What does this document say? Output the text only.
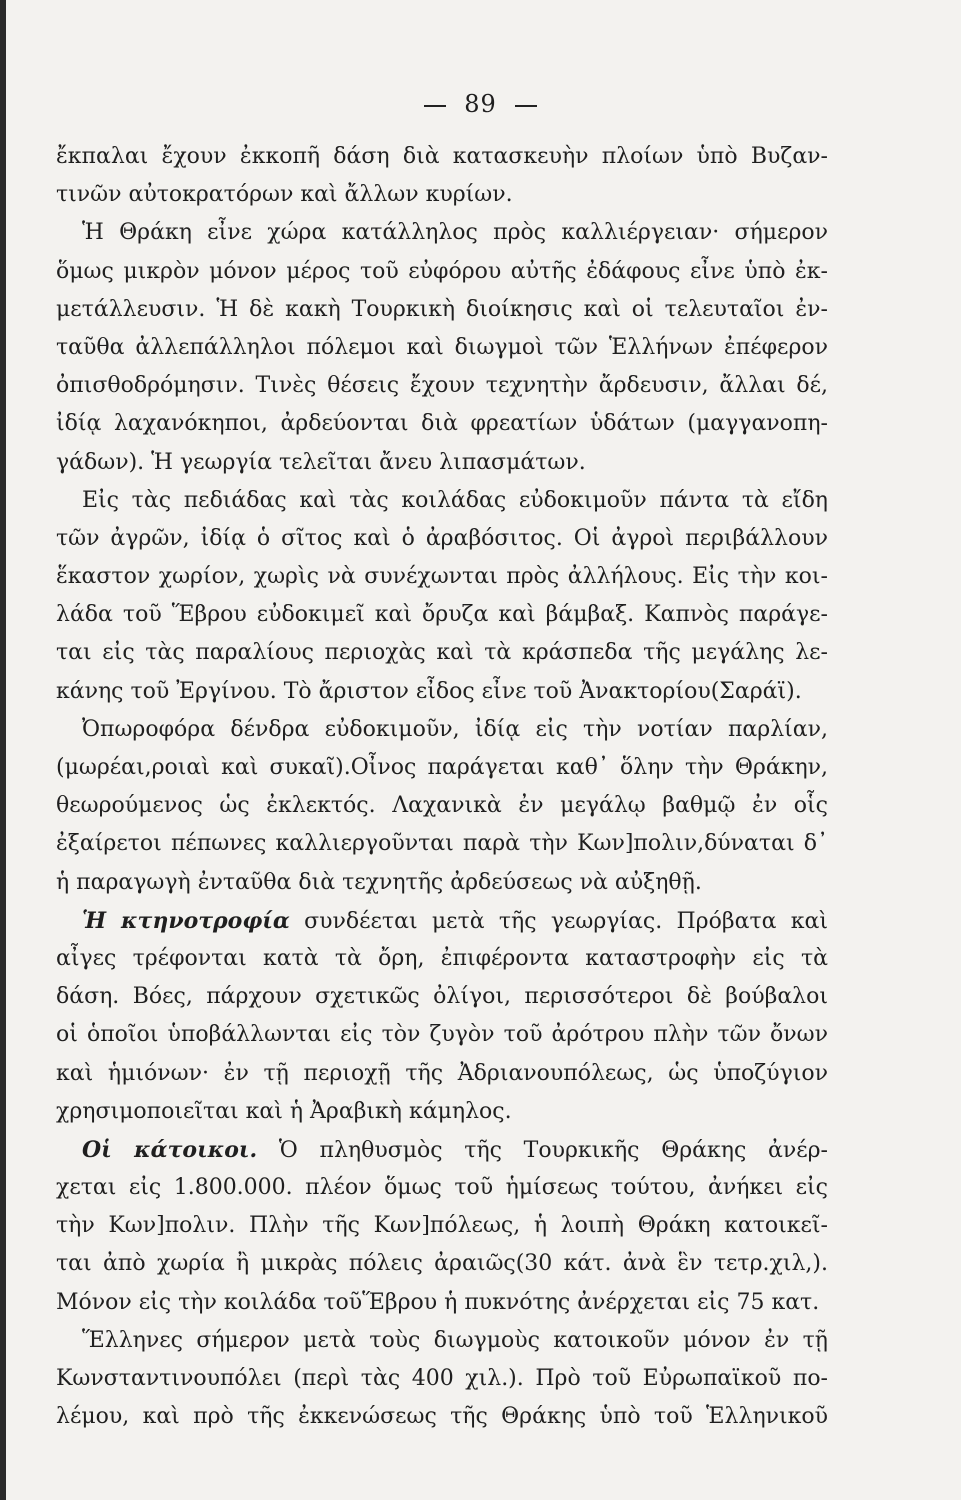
89
ἔκπαλαι ἔχουν ἐκκοπῆ δάση διὰ κατασκευὴν πλοίων ὑπὸ Βυζαν-
τινῶν αὐτοκρατόρων καὶ ἄλλων κυρίων.
Ἡ Θράκη εἶνε χώρα κατάλληλος πρὸς καλλιέργειαν· σήμερον
ὅμως μικρὸν μόνον μέρος τοῦ εὐφόρου αὐτῆς ἐδάφους εἶνε ὑπὸ ἐκ-
μετάλλευσιν. Ἡ δὲ κακὴ Τουρκικὴ διοίκησις καὶ οἱ τελευταῖοι ἐν-
ταῦθα ἀλλεπάλληλοι πόλεμοι καὶ διωγμοὶ τῶν Ἑλλήνων ἐπέφερον
ὀπισθοδρόμησιν. Τινὲς θέσεις ἔχουν τεχνητὴν ἄρδευσιν, ἄλλαι δέ,
ἰδίᾳ λαχανόκηποι, ἀρδεύονται διὰ φρεατίων ὑδάτων (μαγγανοπη-
γάδων). Ἡ γεωργία τελεῖται ἄνευ λιπασμάτων.
Εἰς τὰς πεδιάδας καὶ τὰς κοιλάδας εὐδοκιμοῦν πάντα τὰ εἴδη
τῶν ἀγρῶν, ἰδίᾳ ὁ σῖτος καὶ ὁ ἀραβόσιτος. Οἱ ἀγροὶ περιβάλλουν
ἕκαστον χωρίον, χωρὶς νὰ συνέχωνται πρὸς ἀλλήλους. Εἰς τὴν κοι-
λάδα τοῦ Ἕβρου εὐδοκιμεῖ καὶ ὄρυζα καὶ βάμβαξ. Καπνὸς παράγε-
ται εἰς τὰς παραλίους περιοχὰς καὶ τὰ κράσπεδα τῆς μεγάλης λε-
κάνης τοῦ Ἐργίνου. Τὸ ἄριστον εἶδος εἶνε τοῦ Ἀνακτορίου(Σαράϊ).
Ὀπωροφόρα δένδρα εὐδοκιμοῦν, ἰδίᾳ εἰς τὴν νοτίαν παρλίαν,
(μωρέαι,ροιαὶ καὶ συκαῖ).Οἶνος παράγεται καθ᾽ ὅλην τὴν Θράκην,
θεωρούμενος ὡς ἐκλεκτός. Λαχανικὰ ἐν μεγάλῳ βαθμῷ ἐν οἷς
ἐξαίρετοι πέπωνες καλλιεργοῦνται παρὰ τὴν Κων]πολιν,δύναται δ᾽
ἡ παραγωγὴ ἐνταῦθα διὰ τεχνητῆς ἀρδεύσεως νὰ αὐξηθῇ.
Ἡ κτηνοτροφία συνδέεται μετὰ τῆς γεωργίας. Πρόβατα καὶ
αἶγες τρέφονται κατὰ τὰ ὄρη, ἐπιφέροντα καταστροφὴν εἰς τὰ
δάση. Βόες, πάρχουν σχετικῶς ὀλίγοι, περισσότεροι δὲ βούβαλοι
οἱ ὁποῖοι ὑποβάλλωνται εἰς τὸν ζυγὸν τοῦ ἀρότρου πλὴν τῶν ὄνων
καὶ ἡμιόνων· ἐν τῇ περιοχῇ τῆς Ἀδριανουπόλεως, ὡς ὑποζύγιον
χρησιμοποιεῖται καὶ ἡ Ἀραβικὴ κάμηλος.
Οἱ κάτοικοι. Ὁ πληθυσμὸς τῆς Τουρκικῆς Θράκης ἀνέρ-
χεται εἰς 1.800.000. πλέον ὅμως τοῦ ἡμίσεως τούτου, ἀνήκει εἰς
τὴν Κων]πολιν. Πλὴν τῆς Κων]πόλεως, ἡ λοιπὴ Θράκη κατοικεῖ-
ται ἀπὸ χωρία ἢ μικρὰς πόλεις ἀραιῶς(30 κάτ. ἀνὰ ἓν τετρ.χιλ,).
Μόνον εἰς τὴν κοιλάδα τοῦἝβρου ἡ πυκνότης ἀνέρχεται εἰς 75 κατ.
Ἕλληνες σήμερον μετὰ τοὺς διωγμοὺς κατοικοῦν μόνον ἐν τῇ
Κωνσταντινουπόλει (περὶ τὰς 400 χιλ.). Πρὸ τοῦ Εὐρωπαϊκοῦ πο-
λέμου, καὶ πρὸ τῆς ἐκκενώσεως τῆς Θράκης ὑπὸ τοῦ Ἑλληνικοῦ
